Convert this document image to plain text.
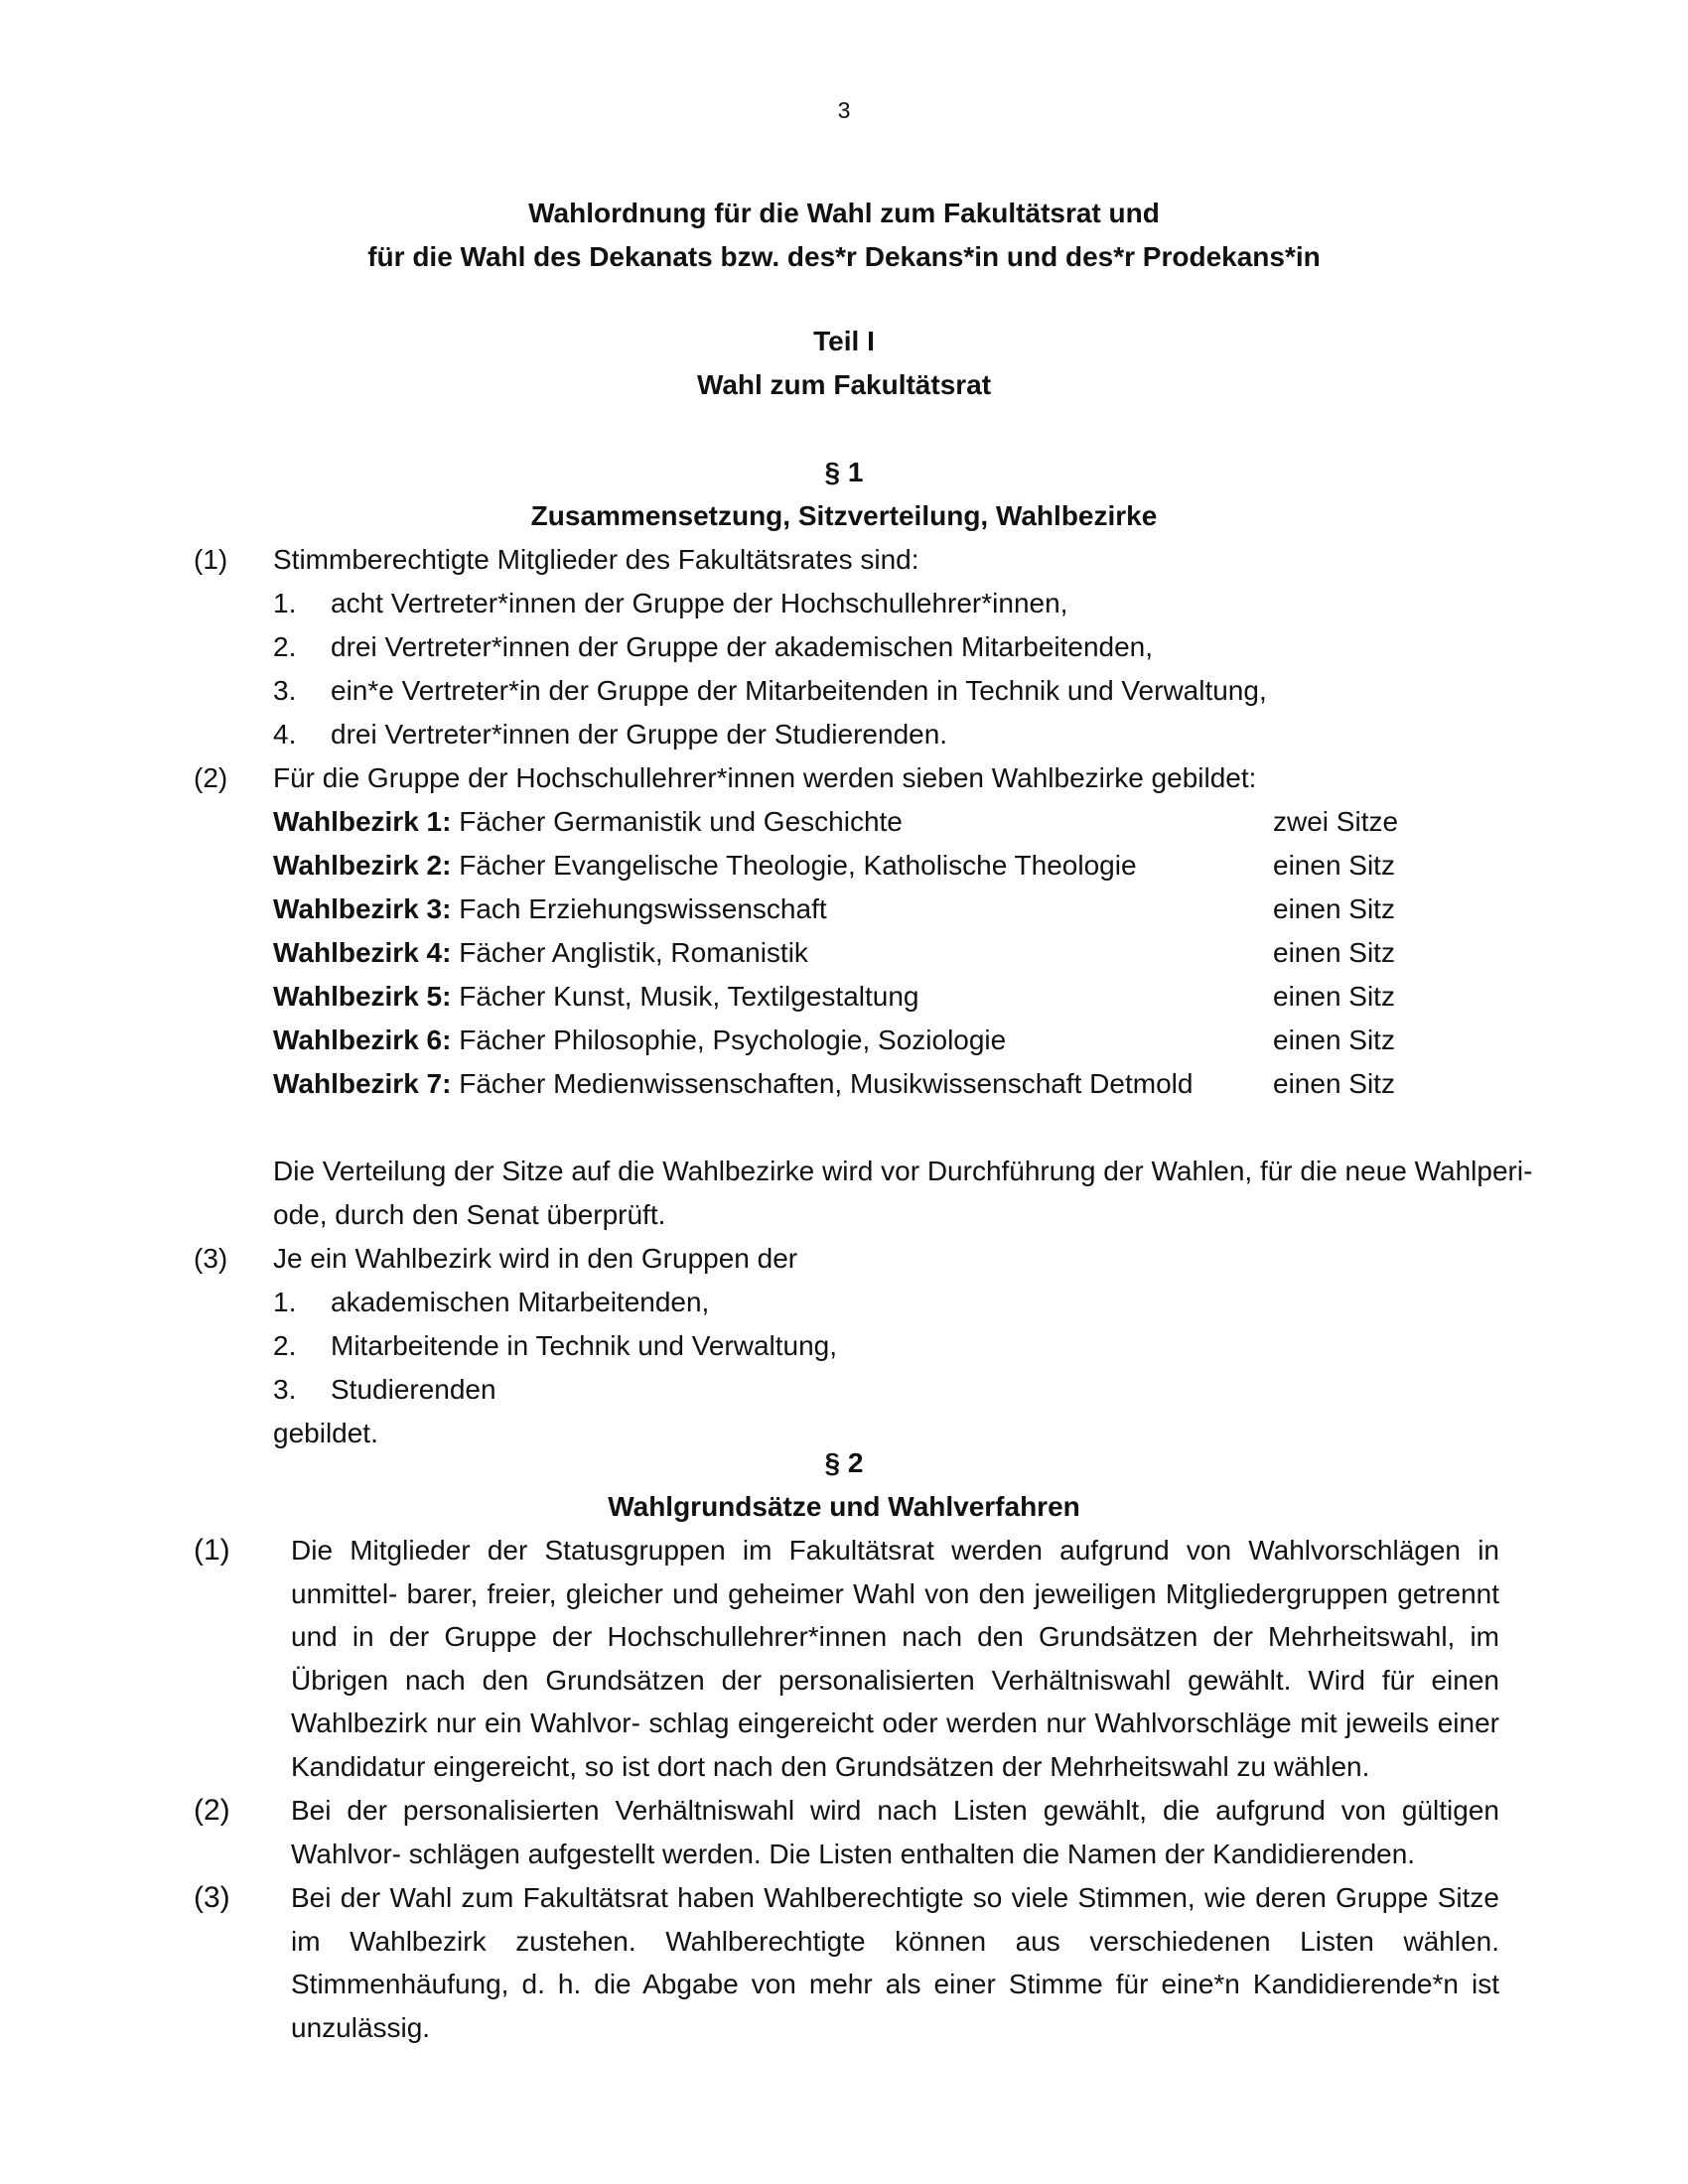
3

Wahlordnung für die Wahl zum Fakultätsrat und

für die Wahl des Dekanats bzw. des*r Dekans*in und des*r Prodekans*in

Teil I

Wahl zum Fakultätsrat

§ 1

Zusammensetzung, Sitzverteilung, Wahlbezirke

(1) Stimmberechtigte Mitglieder des Fakultätsrates sind:
1. acht Vertreter*innen der Gruppe der Hochschullehrer*innen,
2. drei Vertreter*innen der Gruppe der akademischen Mitarbeitenden,
3. ein*e Vertreter*in der Gruppe der Mitarbeitenden in Technik und Verwaltung,
4. drei Vertreter*innen der Gruppe der Studierenden.
(2) Für die Gruppe der Hochschullehrer*innen werden sieben Wahlbezirke gebildet:
Wahlbezirk 1: Fächer Germanistik und Geschichte	zwei Sitze
Wahlbezirk 2: Fächer Evangelische Theologie, Katholische Theologie	einen Sitz
Wahlbezirk 3: Fach Erziehungswissenschaft	einen Sitz
Wahlbezirk 4: Fächer Anglistik, Romanistik	einen Sitz
Wahlbezirk 5: Fächer Kunst, Musik, Textilgestaltung	einen Sitz
Wahlbezirk 6: Fächer Philosophie, Psychologie, Soziologie	einen Sitz
Wahlbezirk 7: Fächer Medienwissenschaften, Musikwissenschaft Detmold	einen Sitz
Die Verteilung der Sitze auf die Wahlbezirke wird vor Durchführung der Wahlen, für die neue Wahlperi-
ode, durch den Senat überprüft.
(3) Je ein Wahlbezirk wird in den Gruppen der
1. akademischen Mitarbeitenden,
2. Mitarbeitende in Technik und Verwaltung,
3. Studierenden
gebildet.

§ 2

Wahlgrundsätze und Wahlverfahren

(1) Die Mitglieder der Statusgruppen im Fakultätsrat werden aufgrund von Wahlvorschlägen in unmittel- barer, freier, gleicher und geheimer Wahl von den jeweiligen Mitgliedergruppen getrennt und in der Gruppe der Hochschullehrer*innen nach den Grundsätzen der Mehrheitswahl, im Übrigen nach den Grundsätzen der personalisierten Verhältniswahl gewählt. Wird für einen Wahlbezirk nur ein Wahlvor- schlag eingereicht oder werden nur Wahlvorschläge mit jeweils einer Kandidatur eingereicht, so ist dort nach den Grundsätzen der Mehrheitswahl zu wählen.

(2) Bei der personalisierten Verhältniswahl wird nach Listen gewählt, die aufgrund von gültigen Wahlvor- schlägen aufgestellt werden. Die Listen enthalten die Namen der Kandidierenden.

(3) Bei der Wahl zum Fakultätsrat haben Wahlberechtigte so viele Stimmen, wie deren Gruppe Sitze im Wahlbezirk zustehen. Wahlberechtigte können aus verschiedenen Listen wählen. Stimmenhäufung, d. h. die Abgabe von mehr als einer Stimme für eine*n Kandidierende*n ist unzulässig.
